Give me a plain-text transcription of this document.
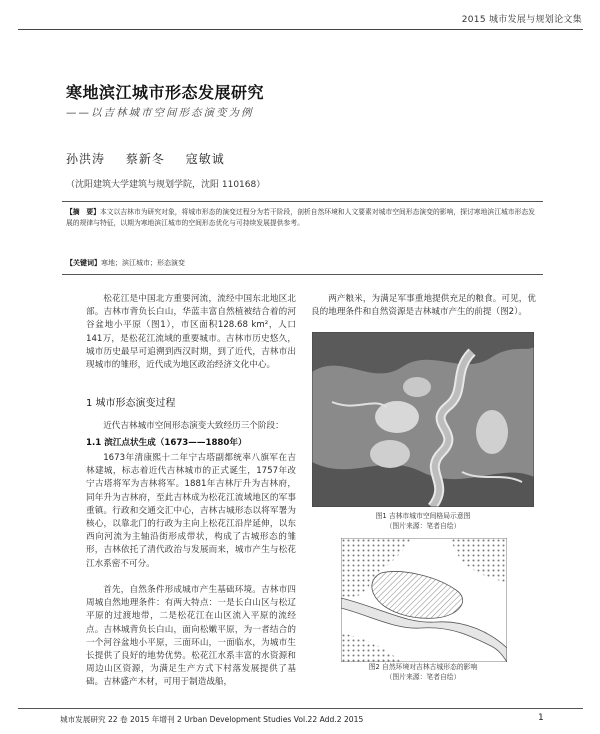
2015 城市发展与规划论文集
寒地滨江城市形态发展研究
——以吉林城市空间形态演变为例
孙洪涛 蔡新冬 寇敏诚
（沈阳建筑大学建筑与规划学院，沈阳 110168）
【摘　要】本文以吉林市为研究对象，将城市形态的演变过程分为若干阶段，剖析自然环境和人文要素对城市空间形态演变的影响，探讨寒地滨江城市形态发展的规律与特征，以期为寒地滨江城市的空间形态优化与可持续发展提供参考。
【关键词】寒地；滨江城市；形态演变
松花江是中国北方重要河流，流经中国东北地区北部。吉林市背负长白山，华蓝丰富自然植被结合着的河谷盆地小平原（图1），市区面积128.68 km²，人口141万，是松花江流域的重要城市。吉林市历史悠久，城市历史最早可追溯到西汉时期，到了近代，吉林市出现城市的雏形，近代成为地区政治经济文化中心。
1 城市形态演变过程
近代吉林城市空间形态演变大致经历三个阶段：
1.1 滨江点状生成（1673——1880年）
1673年清康熙十二年宁古塔副都统率八旗军在吉林建城，标志着近代吉林城市的正式诞生，1757年改宁古塔将军为吉林将军。1881年吉林厅升为吉林府，同年升为吉林府，至此吉林成为松花江流域地区的军事重镇。行政和交通交汇中心，吉林古城形态以将军署为核心，以靠北门的行政为主向上松花江沿岸延伸，以东西向河流为主轴沿街形成带状，构成了古城形态的雏形，吉林依托了清代政治与发展而来，城市产生与松花江水系密不可分。
首先，自然条件形成城市产生基础环境。吉林市四周城自然地理条件：有两大特点：一是长白山区与松辽平原的过渡地带，二是松花江在山区流入平原的流经点。吉林城背负长白山，面向松嫩平原，为一者结合的一个河谷盆地小平原，三面环山，一面临水，为城市生长提供了良好的地势优势。松花江水系丰富的水资源和周边山区资源，为满足生产方式下村落发展提供了基础。吉林盛产木材，可用于制造战船，
两产粮米，为满足军事重地提供充足的粮食。可见，优良的地理条件和自然资源是吉林城市产生的前提（图2）。
图1 吉林市城市空间格局示意图
（图片来源：笔者自绘）
图2 自然环境对吉林古城形态的影响
（图片来源：笔者自绘）
城市发展研究 22 卷 2015 年增刊 2 Urban Development Studies Vol.22 Add.2 2015	1
